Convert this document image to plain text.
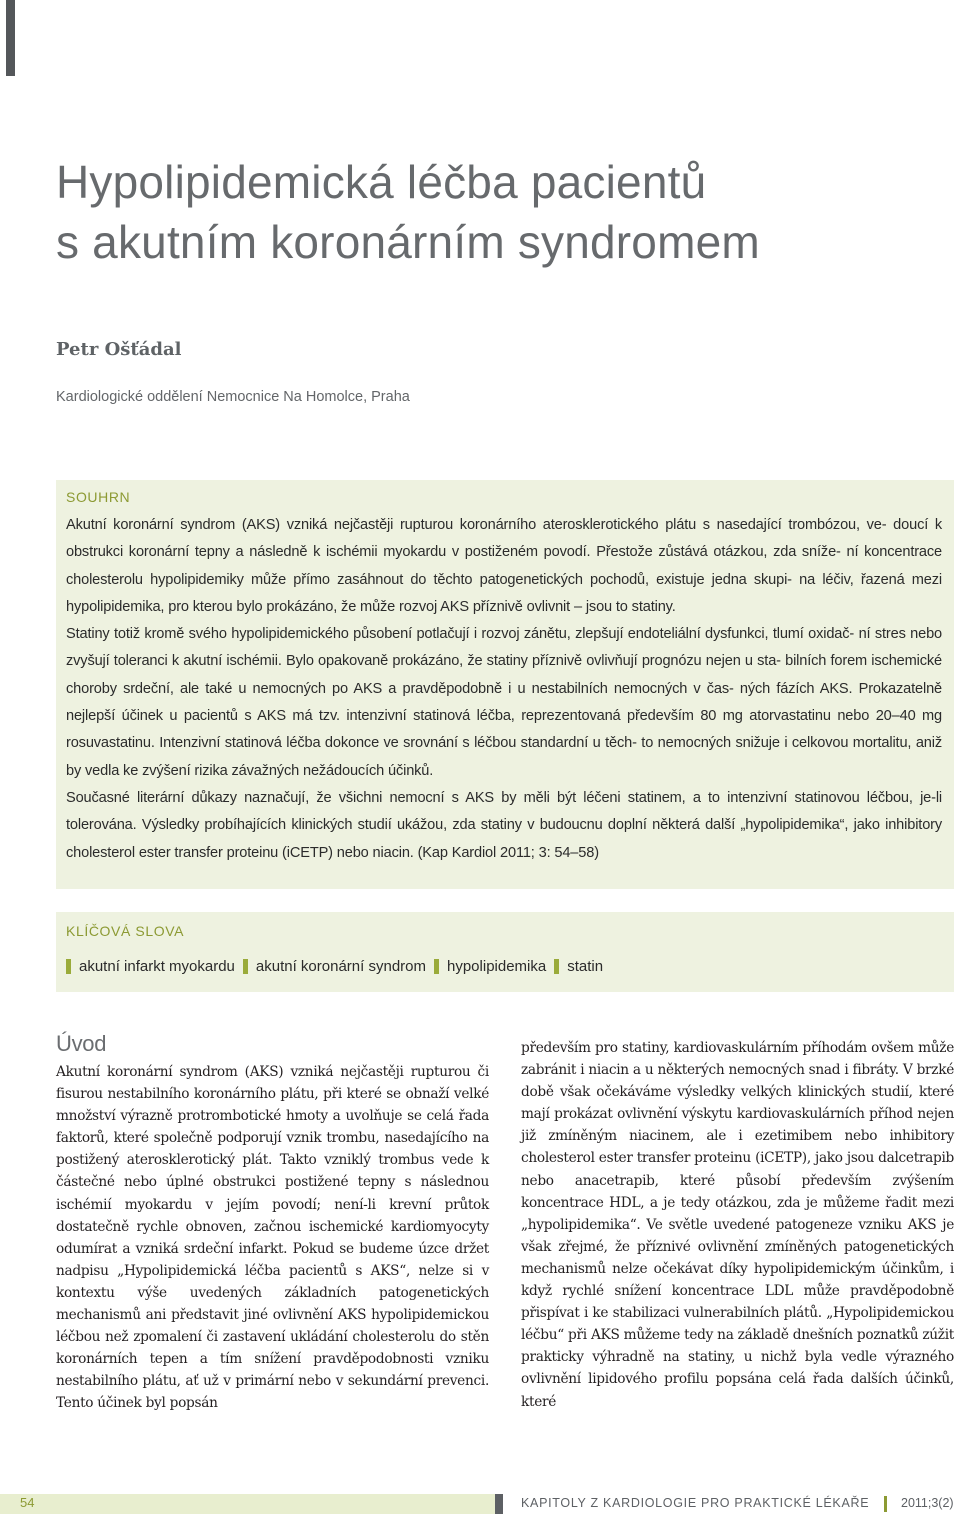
Hypolipidemická léčba pacientů
s akutním koronárním syndromem

Petr Ošťádal

Kardiologické oddělení Nemocnice Na Homolce, Praha

SOUHRN

Akutní koronární syndrom (AKS) vzniká nejčastěji rupturou koronárního aterosklerotického plátu s nasedající trombózou, ve- doucí k obstrukci koronární tepny a následně k ischémii myokardu v postiženém povodí. Přestože zůstává otázkou, zda sníže- ní koncentrace cholesterolu hypolipidemiky může přímo zasáhnout do těchto patogenetických pochodů, existuje jedna skupi- na léčiv, řazená mezi hypolipidemika, pro kterou bylo prokázáno, že může rozvoj AKS příznivě ovlivnit – jsou to statiny.
Statiny totiž kromě svého hypolipidemického působení potlačují i rozvoj zánětu, zlepšují endoteliální dysfunkci, tlumí oxidač- ní stres nebo zvyšují toleranci k akutní ischémii. Bylo opakovaně prokázáno, že statiny příznivě ovlivňují prognózu nejen u sta- bilních forem ischemické choroby srdeční, ale také u nemocných po AKS a pravděpodobně i u nestabilních nemocných v čas- ných fázích AKS. Prokazatelně nejlepší účinek u pacientů s AKS má tzv. intenzivní statinová léčba, reprezentovaná především 80 mg atorvastatinu nebo 20–40 mg rosuvastatinu. Intenzivní statinová léčba dokonce ve srovnání s léčbou standardní u těch- to nemocných snižuje i celkovou mortalitu, aniž by vedla ke zvýšení rizika závažných nežádoucích účinků.
Současné literární důkazy naznačují, že všichni nemocní s AKS by měli být léčeni statinem, a to intenzivní statinovou léčbou, je-li tolerována. Výsledky probíhajících klinických studií ukážou, zda statiny v budoucnu doplní některá další „hypolipidemika“, jako inhibitory cholesterol ester transfer proteinu (iCETP) nebo niacin. (Kap Kardiol 2011; 3: 54–58)

KLÍČOVÁ SLOVA
akutní infarkt myokardu akutní koronární syndrom hypolipidemika statin
Úvod

Akutní koronární syndrom (AKS) vzniká nejčastěji rupturou či fisurou nestabilního koronárního plátu, při které se obnaží velké množství výrazně protrombotické hmoty a uvolňuje se celá řada faktorů, které společně podporují vznik trombu, nasedajícího na postižený aterosklerotický plát. Takto vzniklý trombus vede k částečné nebo úplné obstrukci postižené tepny s následnou ischémií myokardu v jejím povodí; není-li krevní průtok dostatečně rychle obnoven, začnou ischemické kardiomyocyty odumírat a vzniká srdeční infarkt. Pokud se budeme úzce držet nadpisu „Hypolipidemická léčba pacientů s AKS“, nelze si v kontextu výše uvedených základních patogenetických mechanismů ani představit jiné ovlivnění AKS hypolipidemickou léčbou než zpomalení či zastavení ukládání cholesterolu do stěn koronárních tepen a tím snížení pravděpodobnosti vzniku nestabilního plátu, ať už v primární nebo v sekundární prevenci. Tento účinek byl popsán

především pro statiny, kardiovaskulárním příhodám ovšem může zabránit i niacin a u některých nemocných snad i fibráty. V brzké době však očekáváme výsledky velkých klinických studií, které mají prokázat ovlivnění výskytu kardiovaskulárních příhod nejen již zmíněným niacinem, ale i ezetimibem nebo inhibitory cholesterol ester transfer proteinu (iCETP), jako jsou dalcetrapib nebo anacetrapib, které působí především zvýšením koncentrace HDL, a je tedy otázkou, zda je můžeme řadit mezi „hypolipidemika“. Ve světle uvedené patogeneze vzniku AKS je však zřejmé, že příznivé ovlivnění zmíněných patogenetických mechanismů nelze očekávat díky hypolipidemickým účinkům, i když rychlé snížení koncentrace LDL může pravděpodobně přispívat i ke stabilizaci vulnerabilních plátů. „Hypolipidemickou léčbu“ při AKS můžeme tedy na základě dnešních poznatků zúžit prakticky výhradně na statiny, u nichž byla vedle výrazného ovlivnění lipidového profilu popsána celá řada dalších účinků, které

54	KAPITOLY Z KARDIOLOGIE PRO PRAKTICKÉ LÉKAŘE	2011;3(2)
